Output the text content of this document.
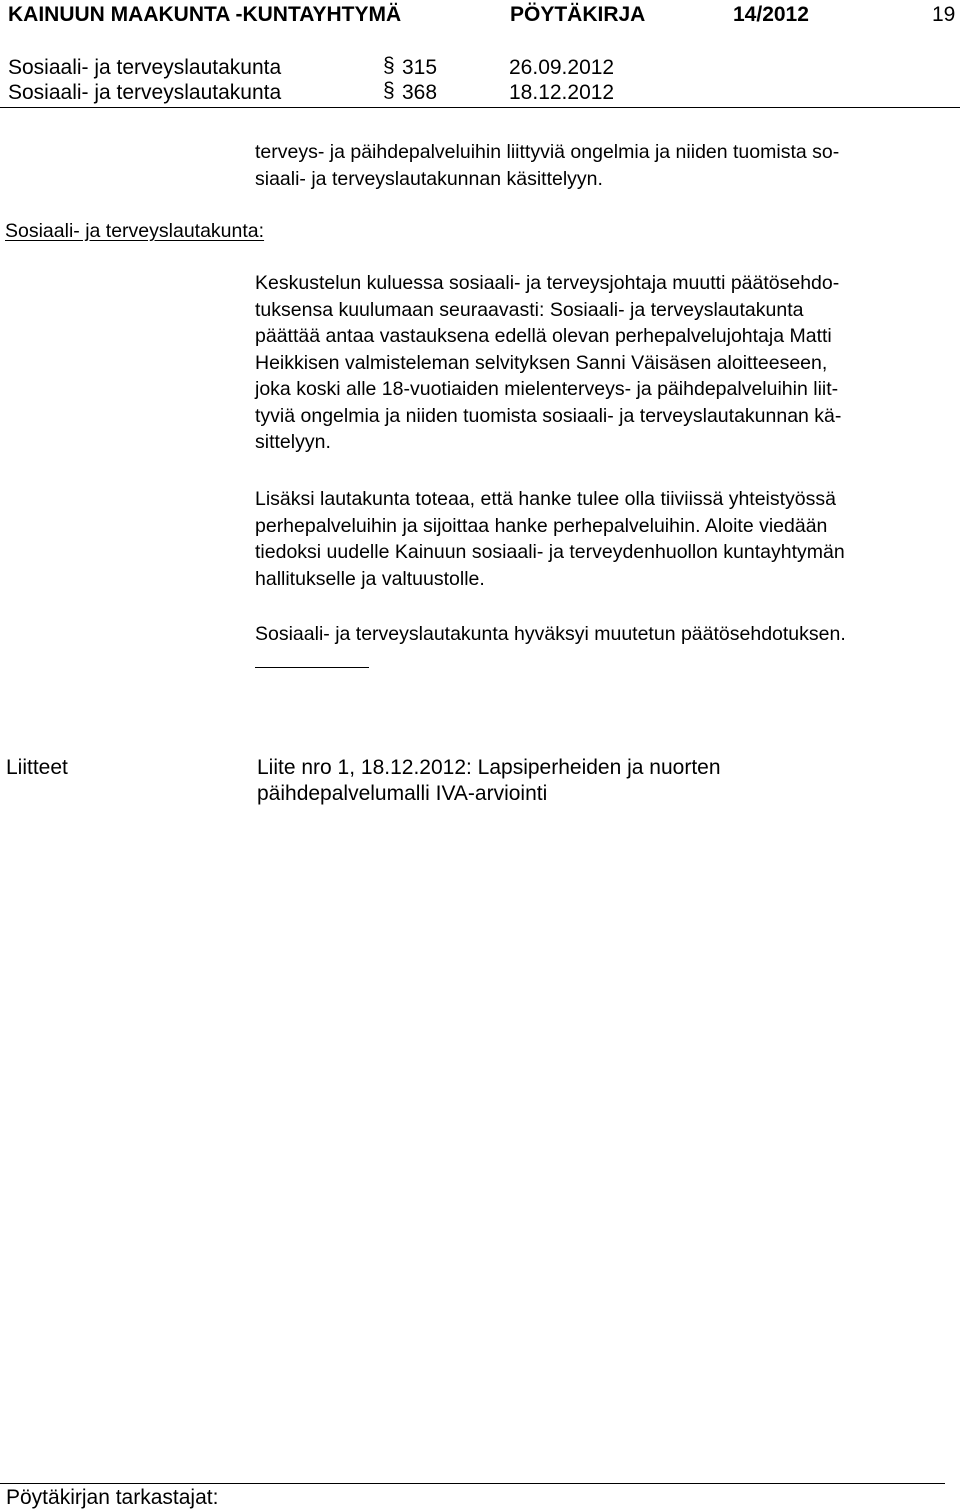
KAINUUN MAAKUNTA -KUNTAYHTYMÄ	PÖYTÄKIRJA	14/2012	19
Sosiaali- ja terveyslautakunta	§ 315	26.09.2012
Sosiaali- ja terveyslautakunta	§ 368	18.12.2012
terveys- ja päihdepalveluihin liittyviä ongelmia ja niiden tuomista so-
siaali- ja terveyslautakunnan käsittelyyn.
Sosiaali- ja terveyslautakunta:
Keskustelun kuluessa sosiaali- ja terveysjohtaja muutti päätösehdo-
tuksensa kuulumaan seuraavasti: Sosiaali- ja terveyslautakunta
päättää antaa vastauksena edellä olevan perhepalvelujohtaja Matti
Heikkisen valmisteleman selvityksen Sanni Väisäsen aloitteeseen,
joka koski alle 18-vuotiaiden mielenterveys- ja päihdepalveluihin liit-
tyviä ongelmia ja niiden tuomista sosiaali- ja terveyslautakunnan kä-
sittelyyn.
Lisäksi lautakunta toteaa, että hanke tulee olla tiiviissä yhteistyössä
perhepalveluihin ja sijoittaa hanke perhepalveluihin. Aloite viedään
tiedoksi uudelle Kainuun sosiaali- ja terveydenhuollon kuntayhtymän
hallitukselle ja valtuustolle.
Sosiaali- ja terveyslautakunta hyväksyi muutetun päätösehdotuksen.
Liitteet	Liite nro 1, 18.12.2012: Lapsiperheiden ja nuorten
päihdepalvelumalli IVA-arviointi
Pöytäkirjan tarkastajat:
